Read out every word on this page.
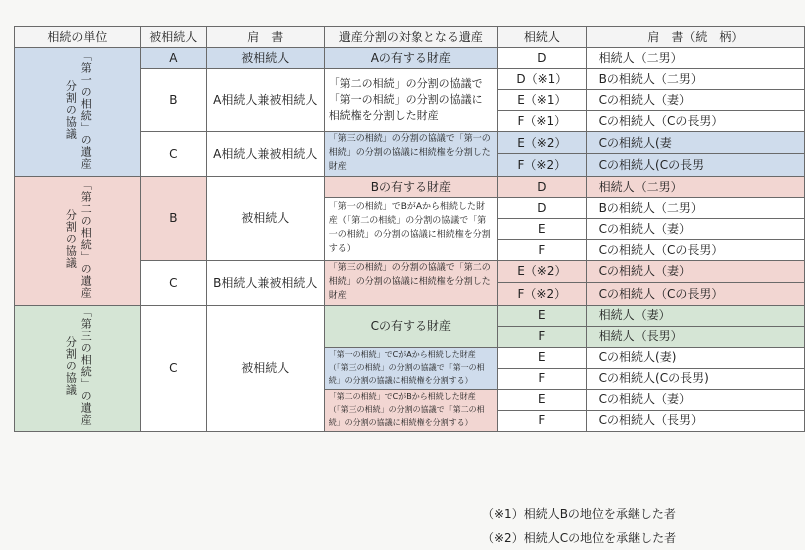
相続の単位	被相続人	肩　書	遺産分割の対象となる遺産	相続人	肩　書（続　柄）
「第一の相続」の遺産分割の協議	A	被相続人	Aの有する財産	D	相続人（二男）
	B	A相続人兼被相続人	「第二の相続」の分割の協議で「第一の相続」の分割の協議に相続権を分割した財産	D（※1）	Bの相続人（二男）
				E（※1）	Cの相続人（妻）
				F（※1）	Cの相続人（Cの長男）
	C	A相続人兼被相続人	「第三の相続」の分割の協議で「第一の相続」の分割の協議に相続権を分割した財産	E（※2）	Cの相続人(妻
				F（※2）	Cの相続人(Cの長男
「第二の相続」の遺産分割の協議	B	被相続人	Bの有する財産	D	相続人（二男）
			「第一の相続」でBがAから相続した財産（「第二の相続」の分割の協議で「第一の相続」の分割の協議に相続権を分割する）	D	Bの相続人（二男）
				E	Cの相続人（妻）
				F	Cの相続人（Cの長男）
	C	B相続人兼被相続人	「第三の相続」の分割の協議で「第二の相続」の分割の協議に相続権を分割した財産	E（※2）	Cの相続人（妻）
				F（※2）	Cの相続人（Cの長男）
「第三の相続」の遺産分割の協議	C	被相続人	Cの有する財産	E	相続人（妻）
				F	相続人（長男）
			「第一の相続」でCがAから相続した財産（「第三の相続」の分割の協議で「第一の相続」の分割の協議に相続権を分割する）	E	Cの相続人(妻)
				F	Cの相続人(Cの長男)
			「第二の相続」でCがBから相続した財産（「第三の相続」の分割の協議で「第二の相続」の分割の協議に相続権を分割する）	E	Cの相続人（妻）
				F	Cの相続人（長男）
（※1）相続人Bの地位を承継した者
（※2）相続人Cの地位を承継した者
